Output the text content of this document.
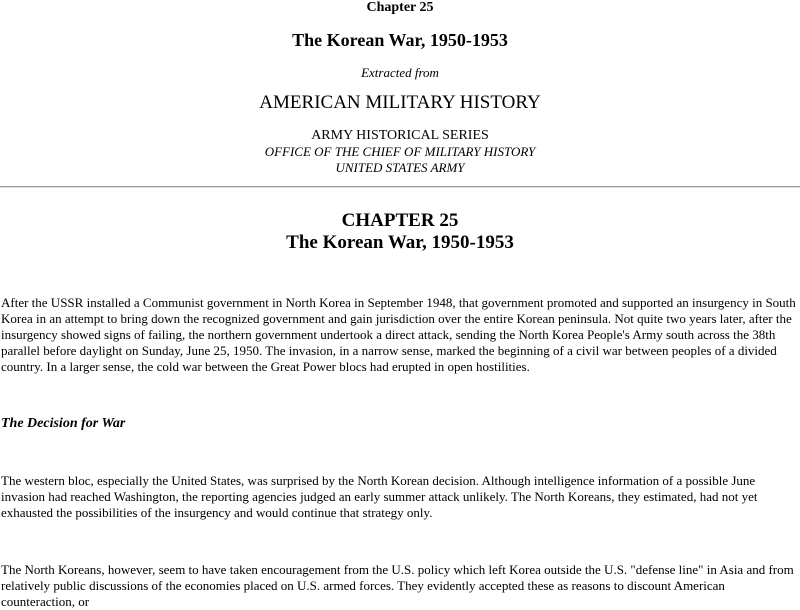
Chapter 25

The Korean War, 1950-1953

Extracted from

AMERICAN MILITARY HISTORY

ARMY HISTORICAL SERIES

OFFICE OF THE CHIEF OF MILITARY HISTORY

UNITED STATES ARMY

CHAPTER 25

The Korean War, 1950-1953

After the USSR installed a Communist government in North Korea in September 1948, that government promoted and supported an insurgency in South Korea in an attempt to bring down the recognized government and gain jurisdiction over the entire Korean peninsula. Not quite two years later, after the insurgency showed signs of failing, the northern government undertook a direct attack, sending the North Korea People's Army south across the 38th parallel before daylight on Sunday, June 25, 1950. The invasion, in a narrow sense, marked the beginning of a civil war between peoples of a divided country. In a larger sense, the cold war between the Great Power blocs had erupted in open hostilities.

The Decision for War

The western bloc, especially the United States, was surprised by the North Korean decision. Although intelligence information of a possible June invasion had reached Washington, the reporting agencies judged an early summer attack unlikely. The North Koreans, they estimated, had not yet exhausted the possibilities of the insurgency and would continue that strategy only.

The North Koreans, however, seem to have taken encouragement from the U.S. policy which left Korea outside the U.S. "defense line" in Asia and from relatively public discussions of the economies placed on U.S. armed forces. They evidently accepted these as reasons to discount American counteraction, or
